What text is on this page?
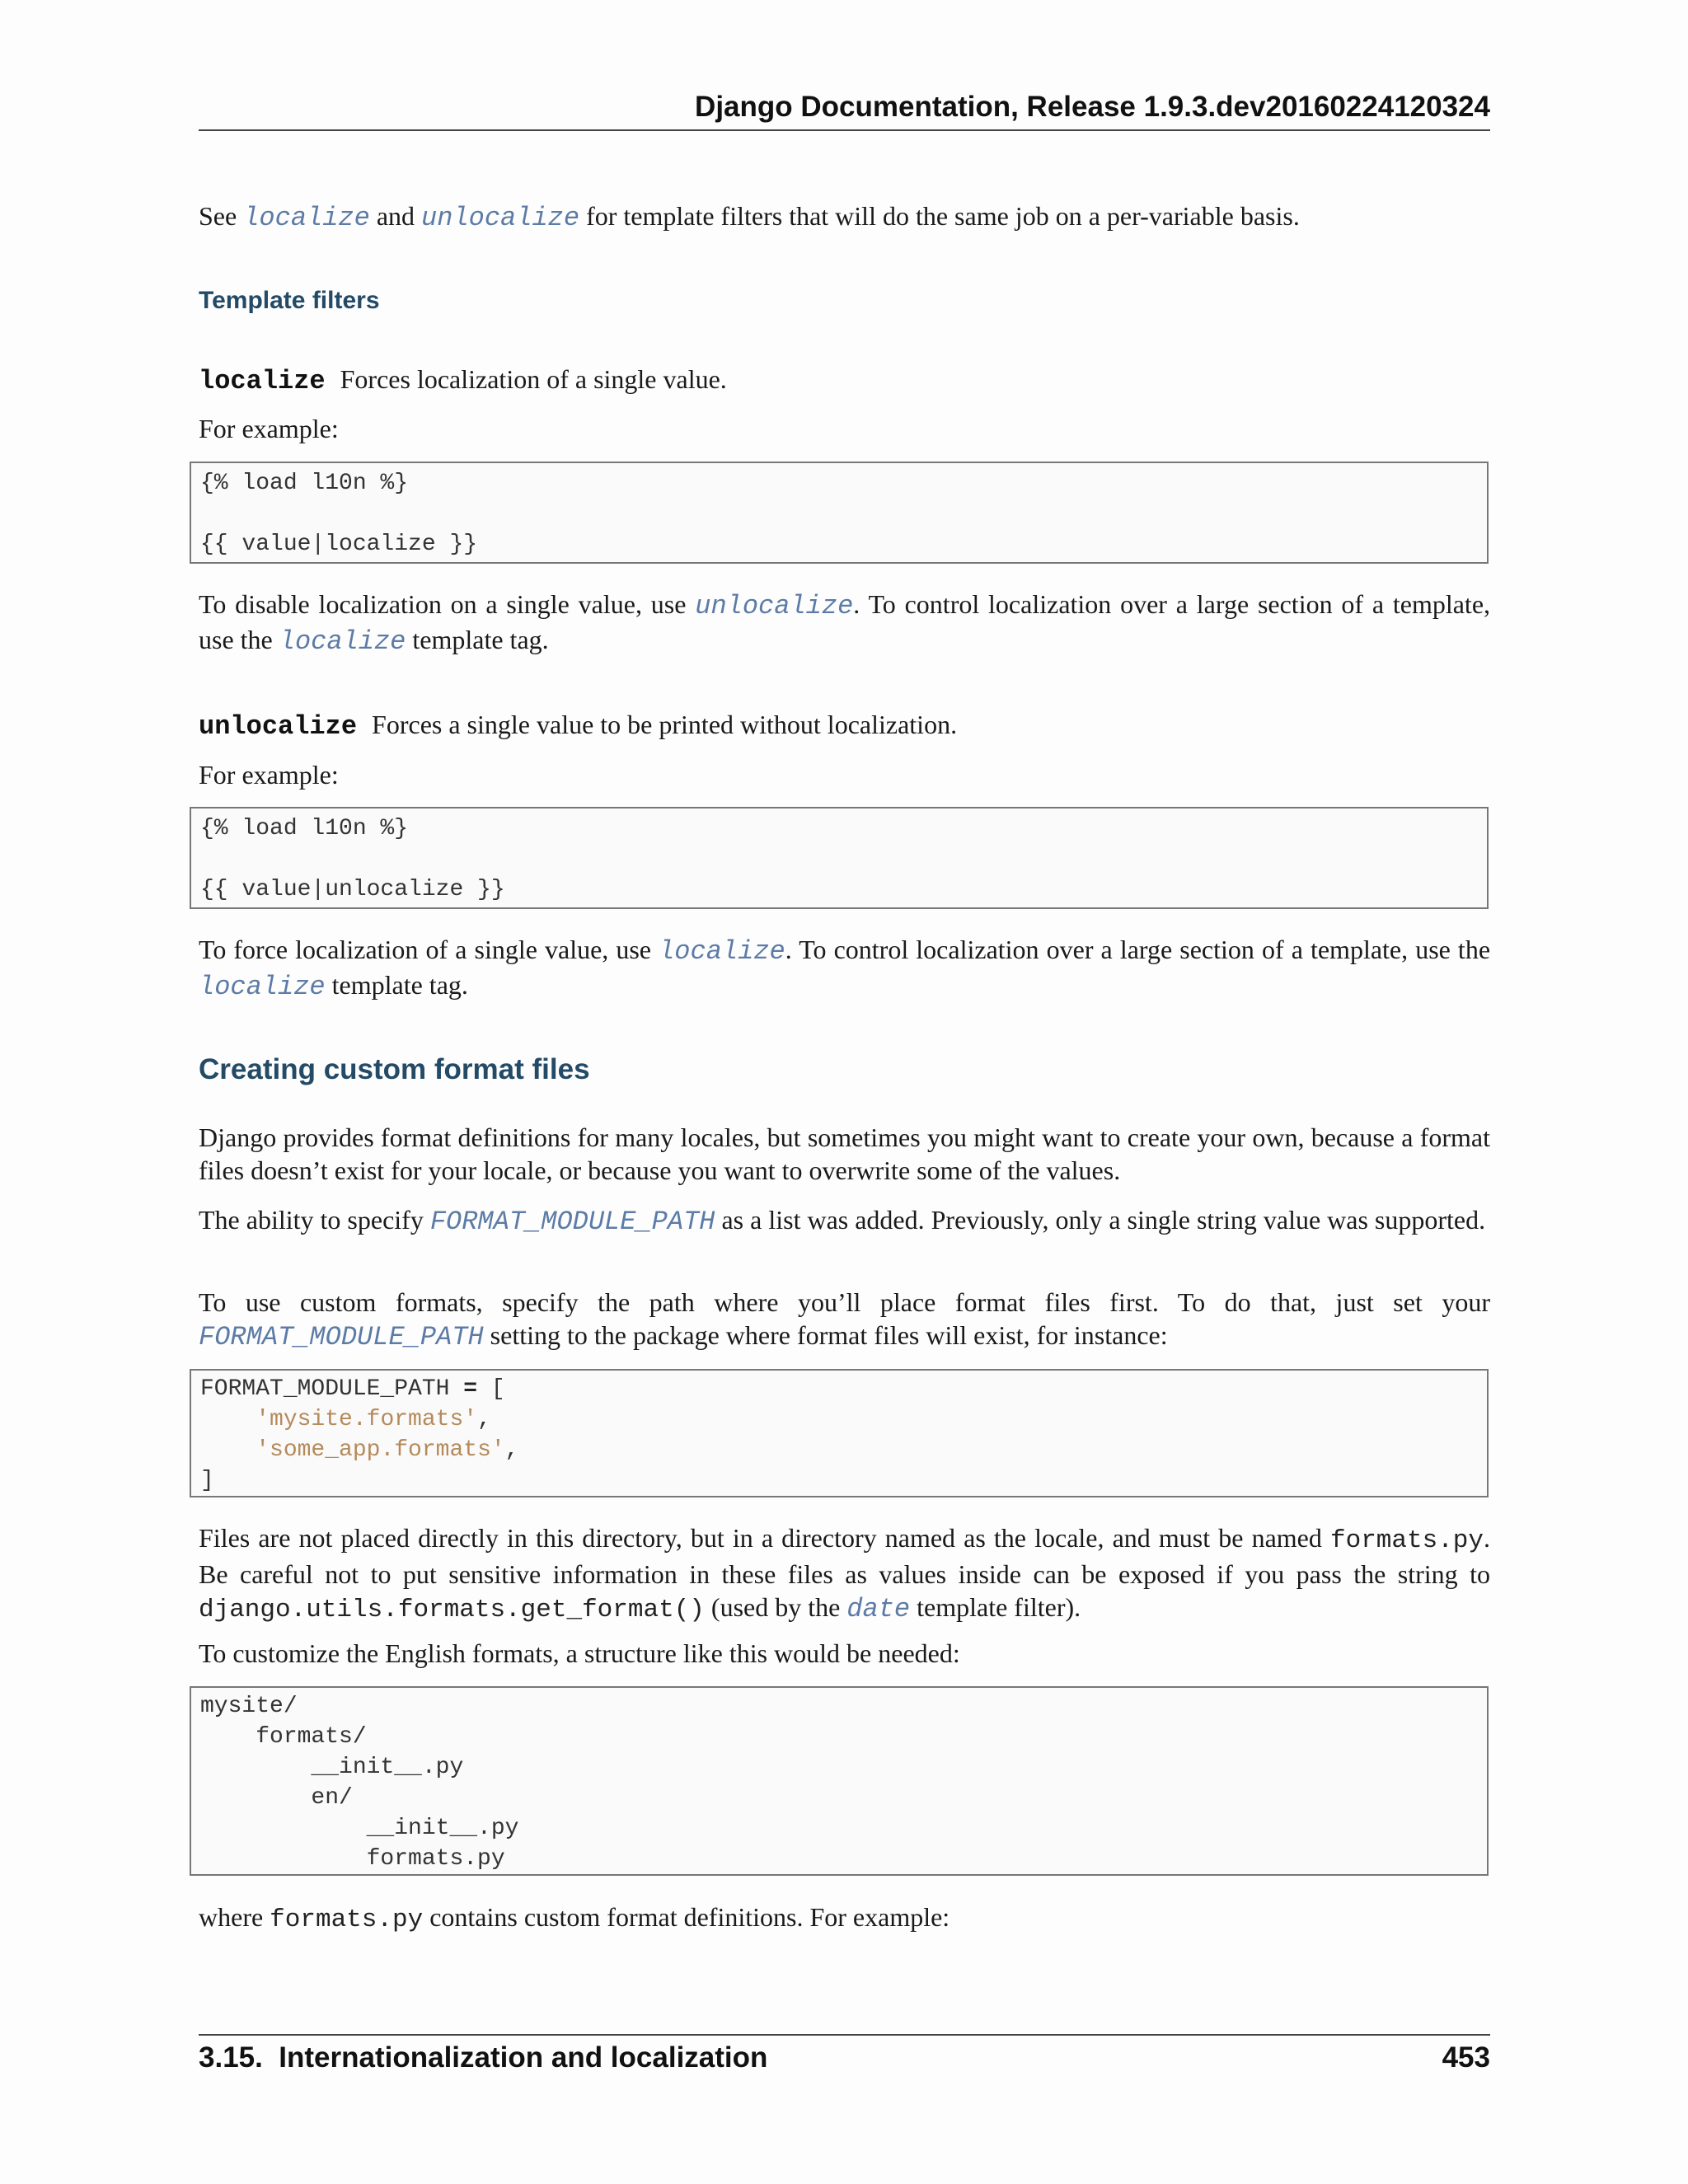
Django Documentation, Release 1.9.3.dev20160224120324

See localize and unlocalize for template filters that will do the same job on a per-variable basis.

Template filters

localize Forces localization of a single value.

For example:

{% load l10n %}

{{ value|localize }}

To disable localization on a single value, use unlocalize. To control localization over a large section of a template, use the localize template tag.

unlocalize Forces a single value to be printed without localization.

For example:

{% load l10n %}

{{ value|unlocalize }}

To force localization of a single value, use localize. To control localization over a large section of a template, use the localize template tag.

Creating custom format files

Django provides format definitions for many locales, but sometimes you might want to create your own, because a format files doesn’t exist for your locale, or because you want to overwrite some of the values.

The ability to specify FORMAT_MODULE_PATH as a list was added. Previously, only a single string value was supported.

To use custom formats, specify the path where you’ll place format files first. To do that, just set your FORMAT_MODULE_PATH setting to the package where format files will exist, for instance:

FORMAT_MODULE_PATH = [
'mysite.formats',
'some_app.formats',
]

Files are not placed directly in this directory, but in a directory named as the locale, and must be named formats.py. Be careful not to put sensitive information in these files as values inside can be exposed if you pass the string to django.utils.formats.get_format() (used by the date template filter).

To customize the English formats, a structure like this would be needed:

mysite/
formats/
__init__.py
en/
__init__.py
formats.py

where formats.py contains custom format definitions. For example:

3.15.  Internationalization and localization	453
